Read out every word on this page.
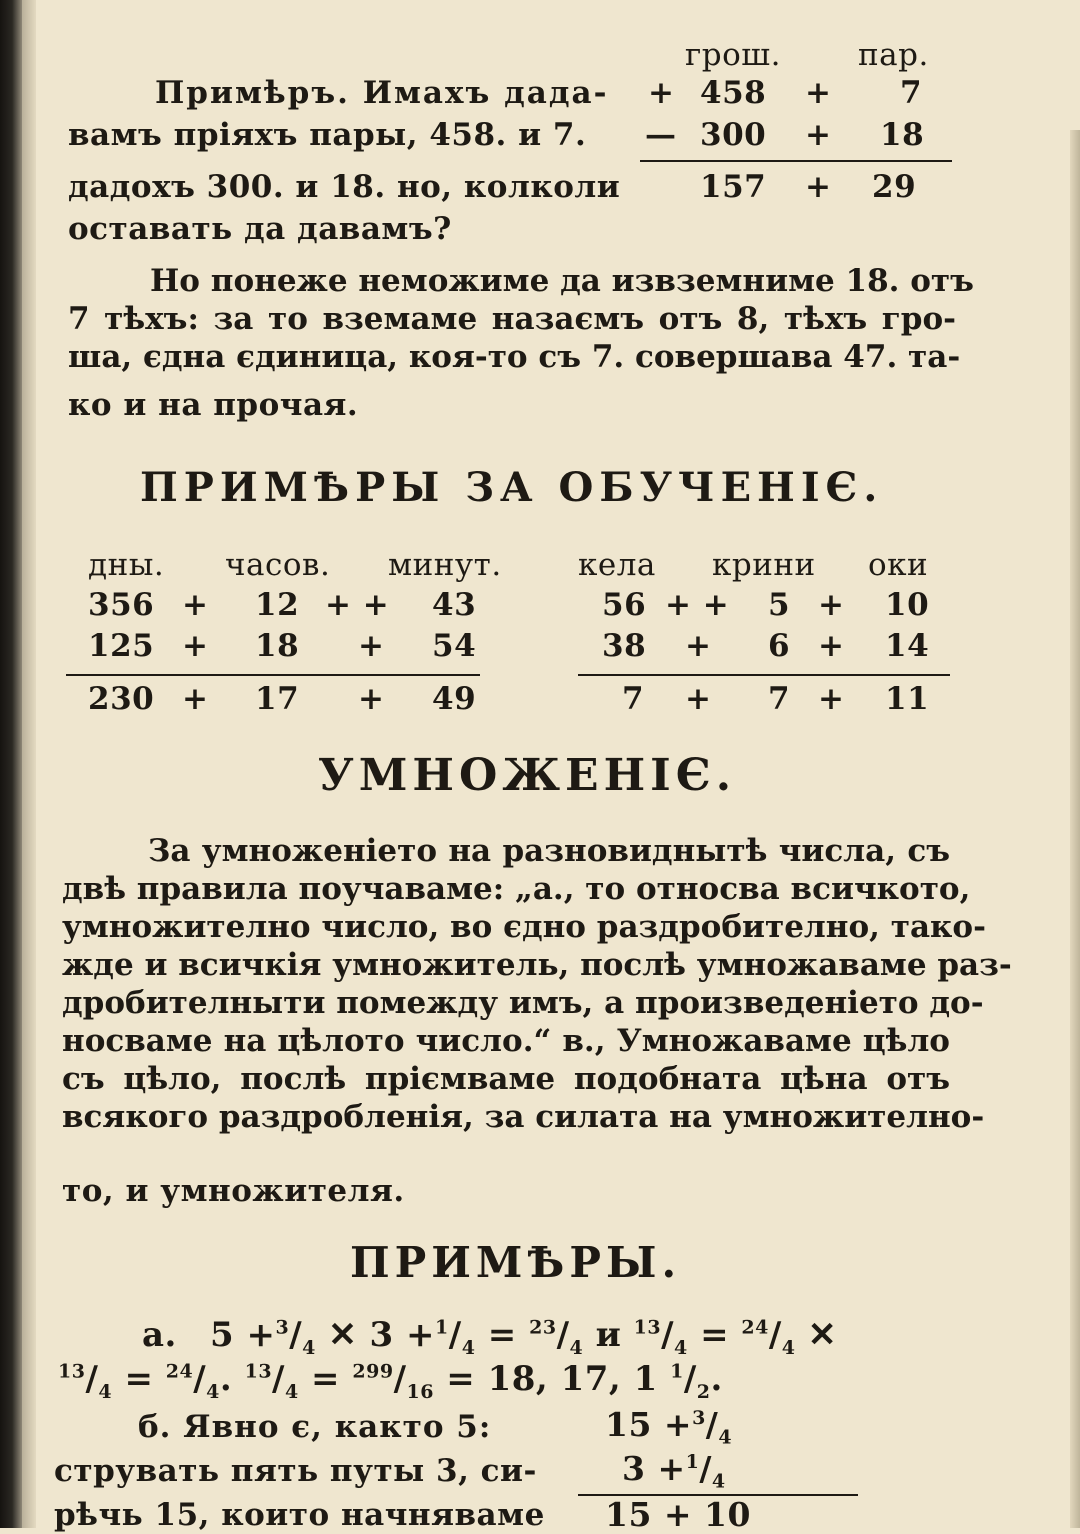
грош. пар.
Примѣръ. Имахъ дада-
вамъ пріяхъ пары, 458. и 7.
дадохъ 300. и 18. но, колколи
оставать да давамъ?
+ 458 + 7
— 300 + 18
157 + 29
Но понеже неможиме да извземниме 18. отъ
7 тѣхъ: за то вземаме назаємъ отъ 8, тѣхъ гро-
ша, єдна єдиница, коя-то съ 7. совершава 47. та-
ко и на прочая.
ПРИМѢРЫ ЗА ОБУЧЕНІЄ.
дны. часов. минут. кела крини оки
356 + 12 + + 43	56 + + 5 + 10
125 + 18 + 54	38 + 6 + 14
230 + 17 + 49	7 + 7 + 11
УМНОЖЕНІЄ.
За умноженіето на разновиднытѣ числа, съ
двѣ правила поучаваме: „а., то относва всичкото,
умножително число, во єдно раздробително, тако-
жде и всичкія умножитель, послѣ умножаваме раз-
дробителныти помежду имъ, а произведеніето до-
носваме на цѣлото число.“ в., Умножаваме цѣло
съ цѣло, послѣ пріємваме подобната цѣна отъ
всякого раздробленія, за силата на умножително-
то, и умножителя.
ПРИМѢРЫ.
а. $5 +^3/_4$ ✕ $3 +^1/_4 = ^{23}/_4$ и $^{13}/_4 = ^{24}/_4$ ✕
$^{13}/_4 = ^{24}/_4$. $^{13}/_4 = ^{299}/_{16} = 18$, 17, 1 $^1/_2$.
б. Явно є, както 5:
струвать пять путы 3, си-
рѣчь 15, които начняваме
$15 +^3/_4$
$3 +^1/_4$
15 + 10
